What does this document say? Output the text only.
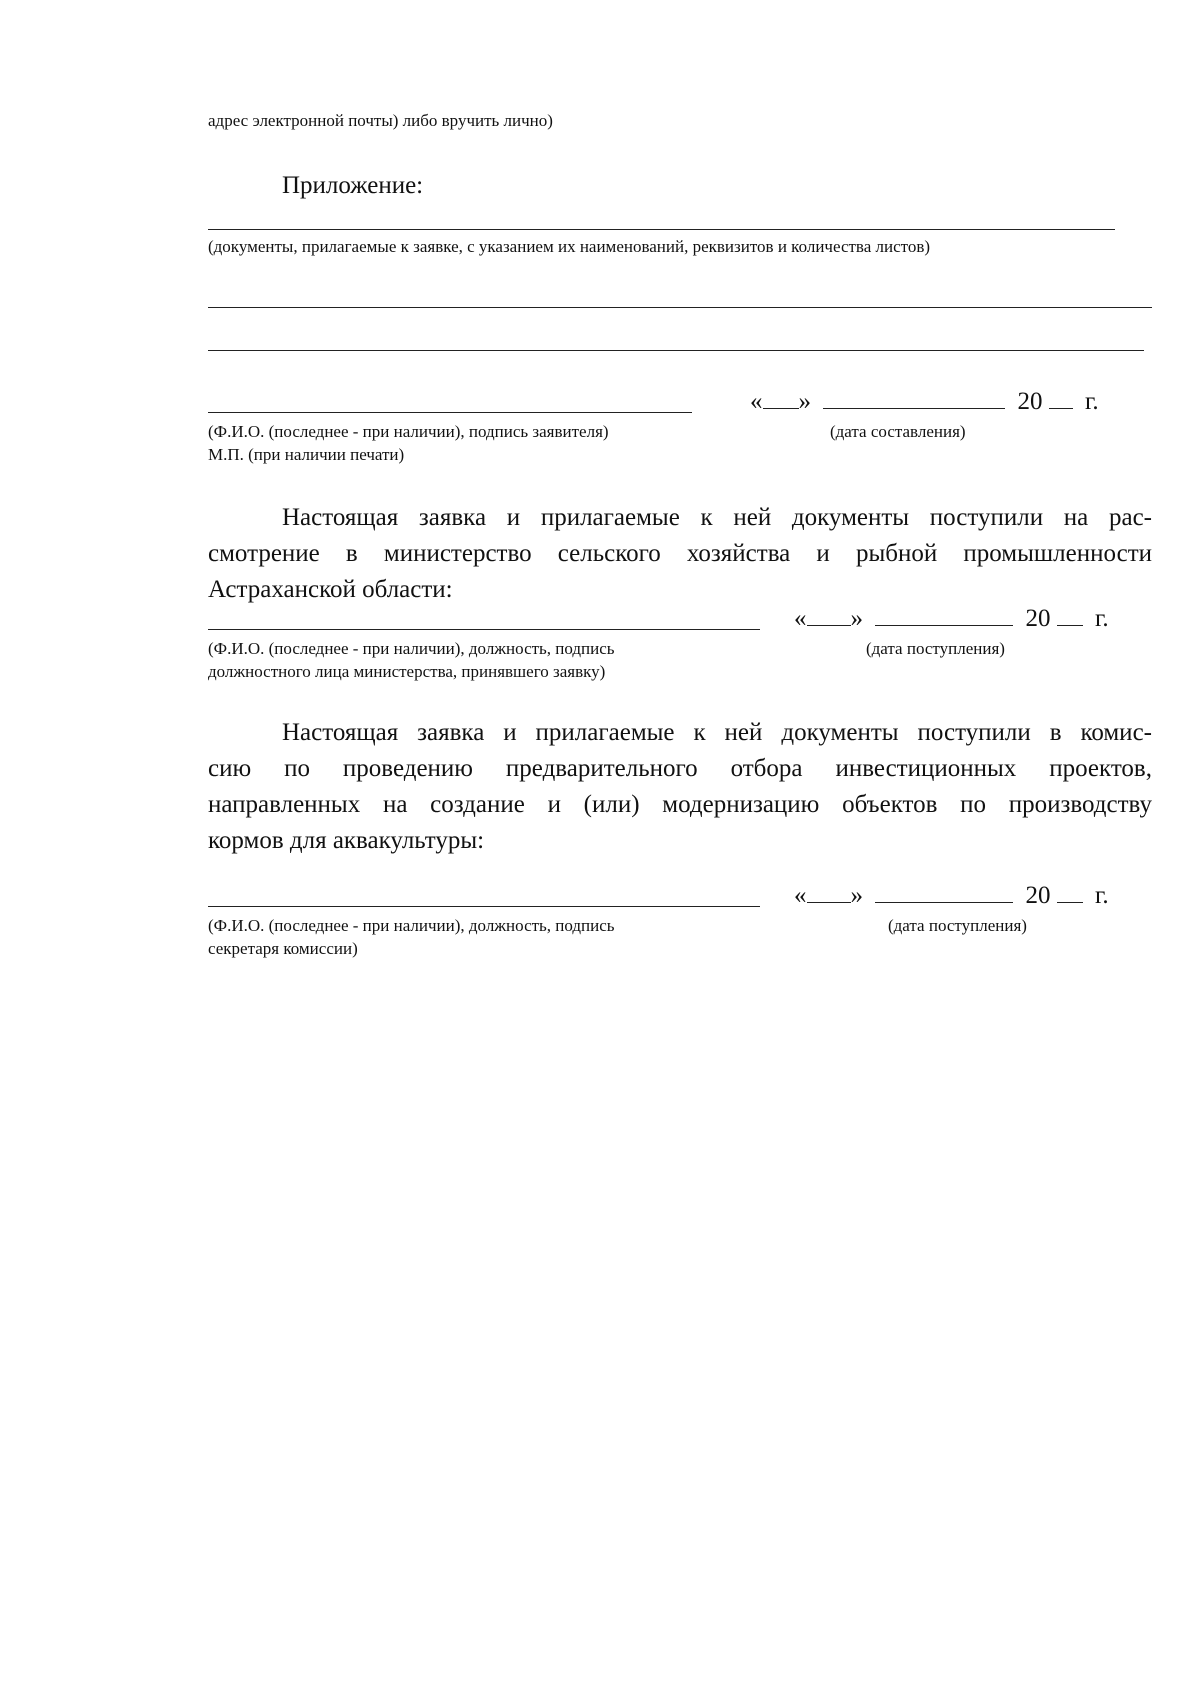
адрес электронной почты) либо вручить лично)
Приложение:
(документы, прилагаемые к заявке, с указанием их наименований, реквизитов и количества листов)
« »	20 г.
(Ф.И.О. (последнее - при наличии), подпись заявителя)	(дата составления)
М.П. (при наличии печати)
Настоящая заявка и прилагаемые к ней документы поступили на рас-
смотрение в министерство сельского хозяйства и рыбной промышленности
Астраханской области:
« »	20 г.
(Ф.И.О. (последнее - при наличии), должность, подпись
должностного лица министерства, принявшего заявку)
(дата поступления)
Настоящая заявка и прилагаемые к ней документы поступили в комис-
сию по проведению предварительного отбора инвестиционных проектов,
направленных на создание и (или) модернизацию объектов по производству
кормов для аквакультуры:
« »	20 г.
(Ф.И.О. (последнее - при наличии), должность, подпись
секретаря комиссии)
(дата поступления)
